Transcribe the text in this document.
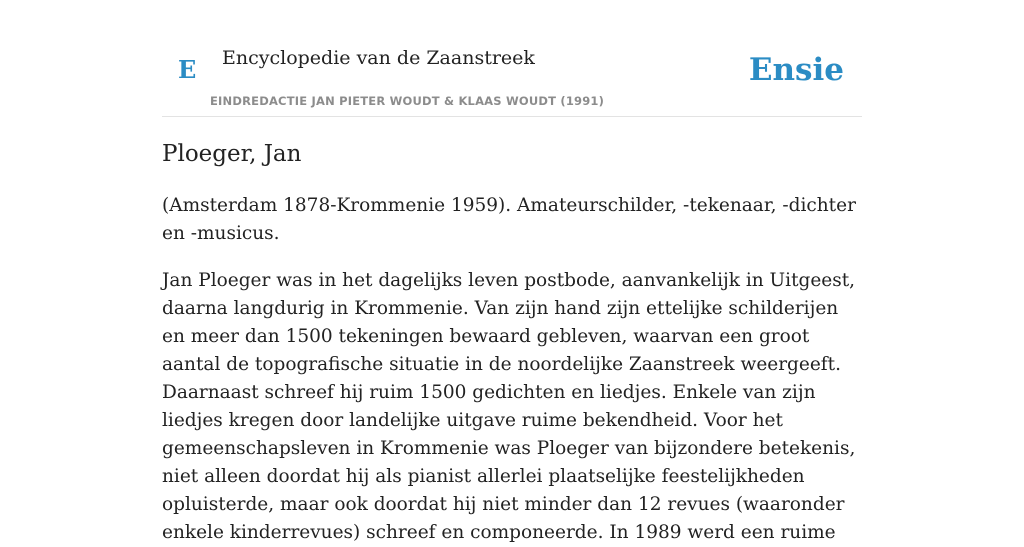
E Encyclopedie van de Zaanstreek
EINDREDACTIE JAN PIETER WOUDT & KLAAS WOUDT (1991)
Ensie
Ploeger, Jan

(Amsterdam 1878-Krommenie 1959). Amateurschilder, -tekenaar, -dichter en -musicus.

Jan Ploeger was in het dagelijks leven postbode, aanvankelijk in Uitgeest, daarna langdurig in Krommenie. Van zijn hand zijn ettelijke schilderijen en meer dan 1500 tekeningen bewaard gebleven, waarvan een groot aantal de topografische situatie in de noordelijke Zaanstreek weergeeft. Daarnaast schreef hij ruim 1500 gedichten en liedjes. Enkele van zijn liedjes kregen door landelijke uitgave ruime bekendheid. Voor het gemeenschapsleven in Krommenie was Ploeger van bijzondere betekenis, niet alleen doordat hij als pianist allerlei plaatselijke feestelijkheden opluisterde, maar ook doordat hij niet minder dan 12 revues (waaronder enkele kinderrevues) schreef en componeerde. In 1989 werd een ruime
